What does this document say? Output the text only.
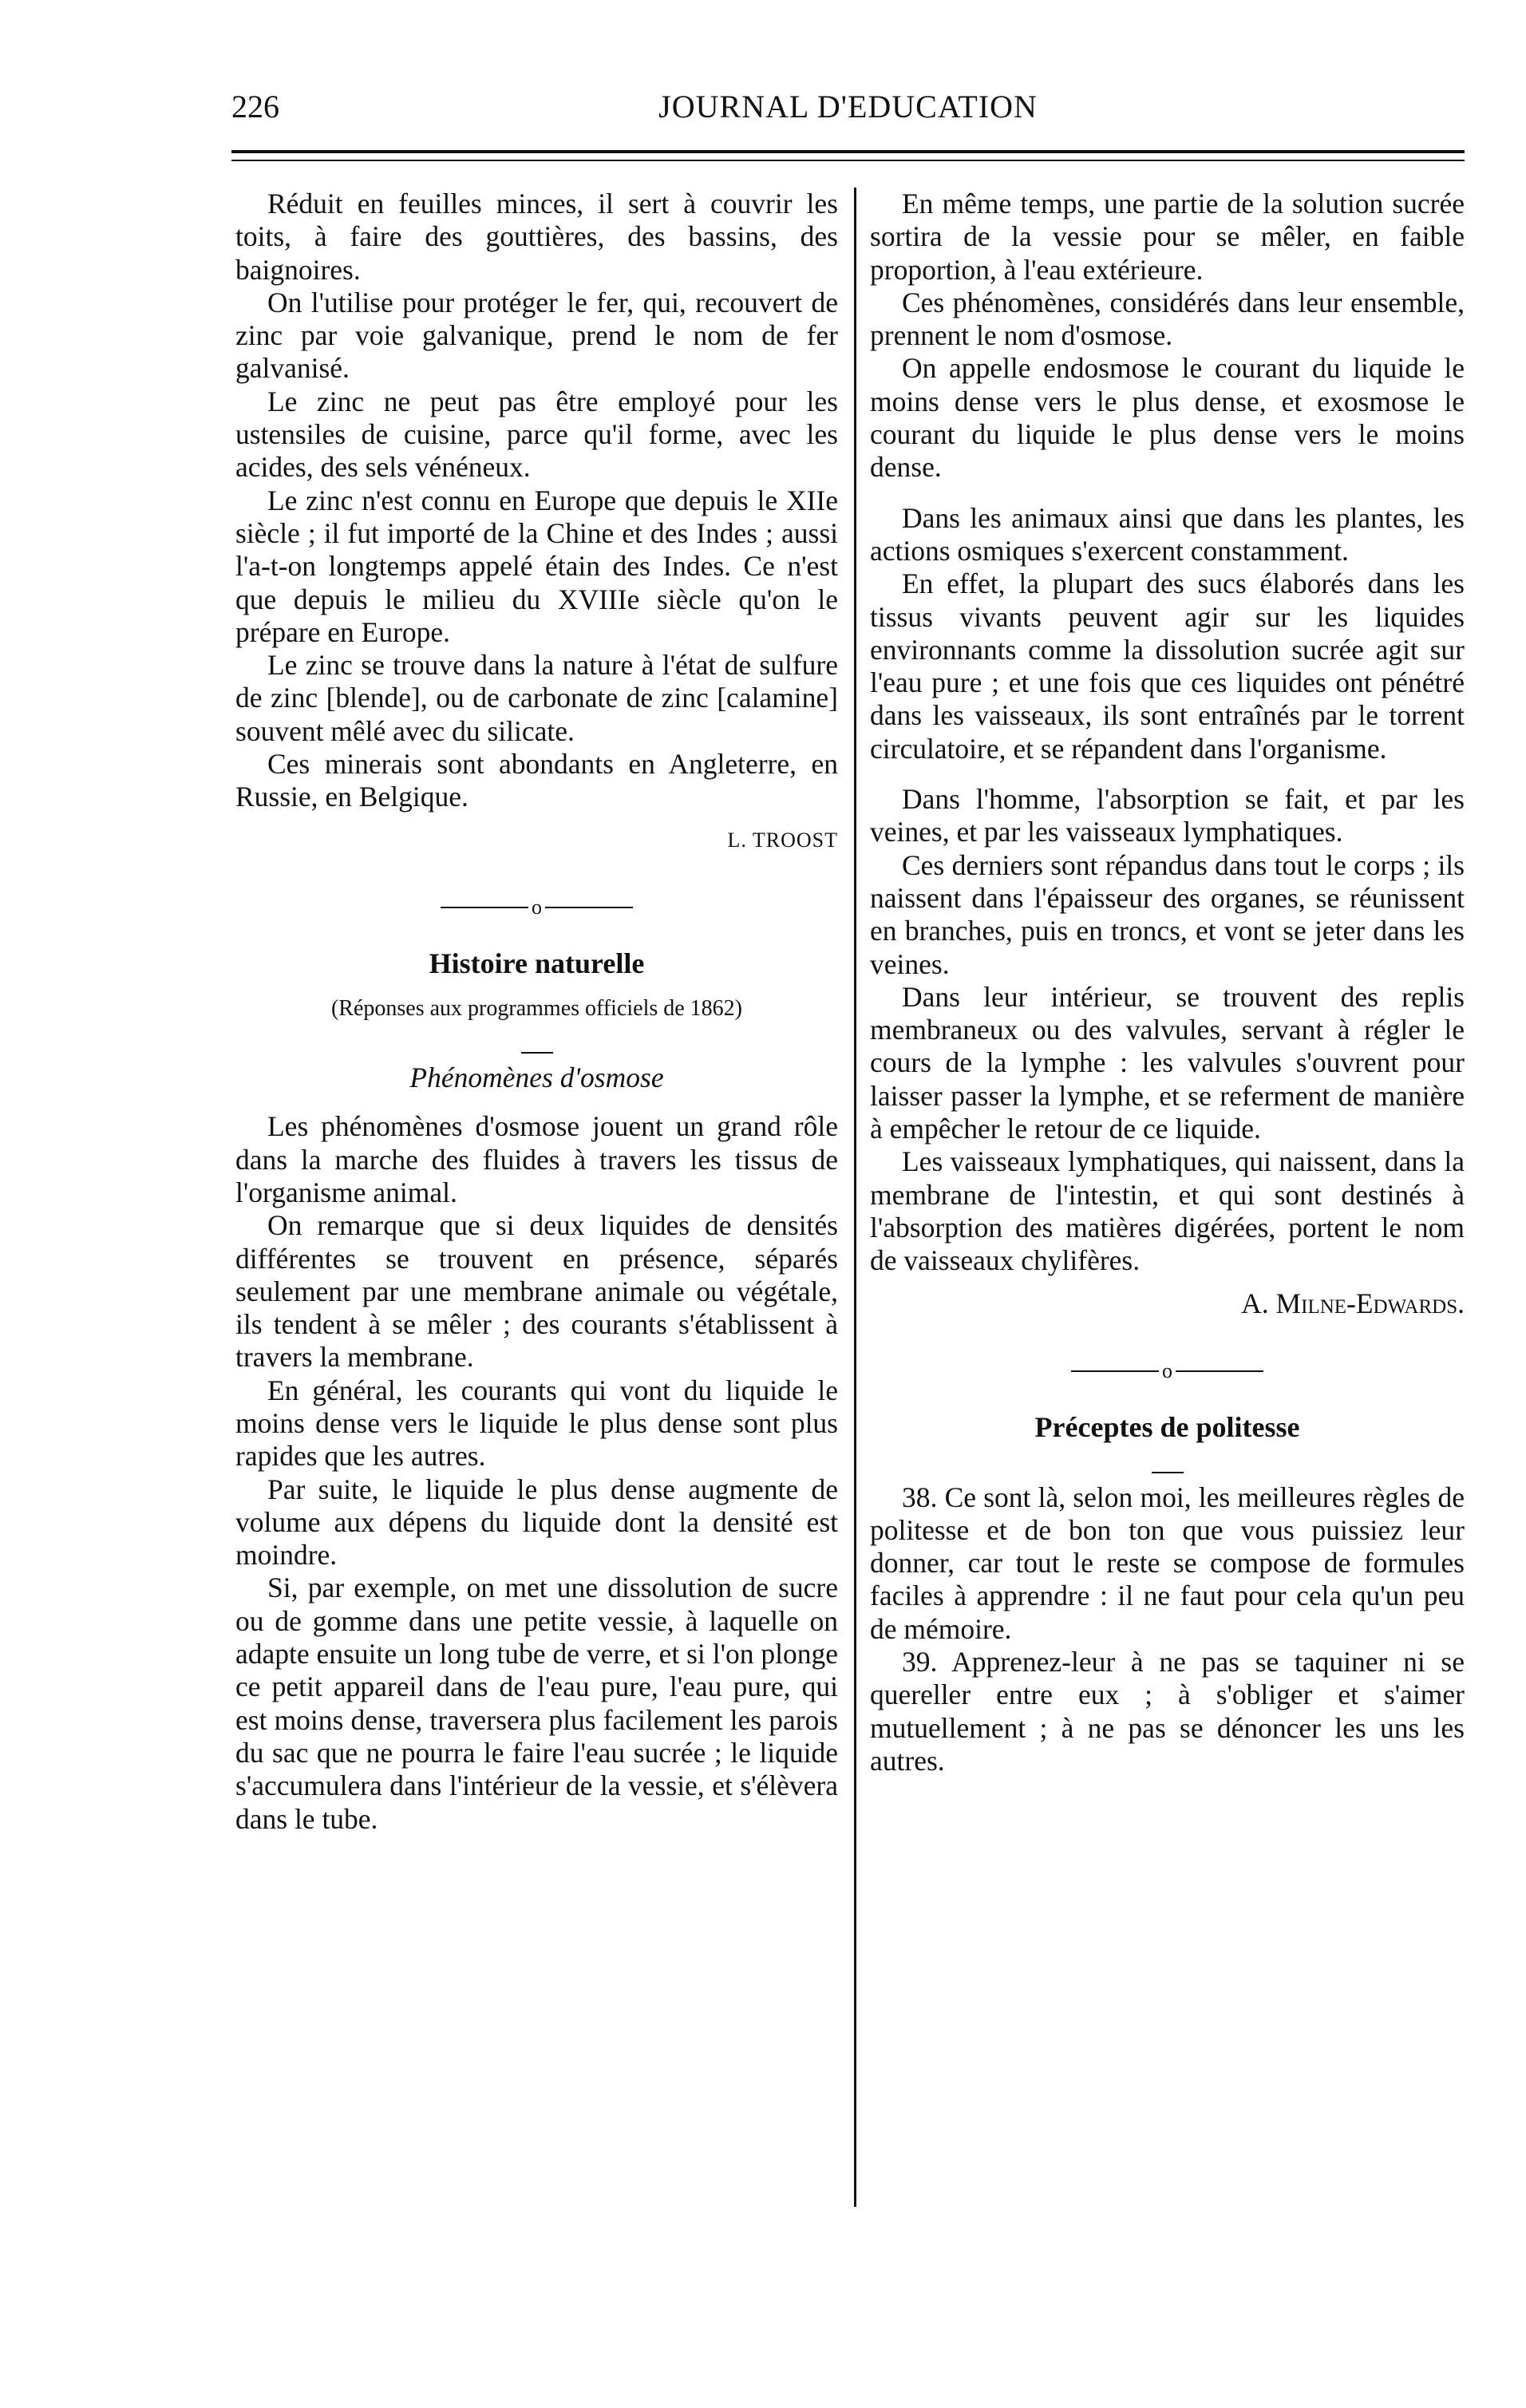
226	JOURNAL D'EDUCATION

Réduit en feuilles minces, il sert à couvrir les toits, à faire des gouttières, des bassins, des baignoires.

On l'utilise pour protéger le fer, qui, recouvert de zinc par voie galvanique, prend le nom de fer galvanisé.

Le zinc ne peut pas être employé pour les ustensiles de cuisine, parce qu'il forme, avec les acides, des sels vénéneux.

Le zinc n'est connu en Europe que depuis le XIIe siècle ; il fut importé de la Chine et des Indes ; aussi l'a-t-on longtemps appelé étain des Indes. Ce n'est que depuis le milieu du XVIIIe siècle qu'on le prépare en Europe.

Le zinc se trouve dans la nature à l'état de sulfure de zinc [blende], ou de carbonate de zinc [calamine] souvent mêlé avec du silicate.

Ces minerais sont abondants en Angleterre, en Russie, en Belgique.

L. TROOST

o

Histoire naturelle

(Réponses aux programmes officiels de 1862)

Phénomènes d'osmose

Les phénomènes d'osmose jouent un grand rôle dans la marche des fluides à travers les tissus de l'organisme animal.

On remarque que si deux liquides de densités différentes se trouvent en présence, séparés seulement par une membrane animale ou végétale, ils tendent à se mêler ; des courants s'établissent à travers la membrane.

En général, les courants qui vont du liquide le moins dense vers le liquide le plus dense sont plus rapides que les autres.

Par suite, le liquide le plus dense augmente de volume aux dépens du liquide dont la densité est moindre.

Si, par exemple, on met une dissolution de sucre ou de gomme dans une petite vessie, à laquelle on adapte ensuite un long tube de verre, et si l'on plonge ce petit appareil dans de l'eau pure, l'eau pure, qui est moins dense, traversera plus facilement les parois du sac que ne pourra le faire l'eau sucrée ; le liquide s'accumulera dans l'intérieur de la vessie, et s'élèvera dans le tube.

En même temps, une partie de la solution sucrée sortira de la vessie pour se mêler, en faible proportion, à l'eau extérieure.

Ces phénomènes, considérés dans leur ensemble, prennent le nom d'osmose.

On appelle endosmose le courant du liquide le moins dense vers le plus dense, et exosmose le courant du liquide le plus dense vers le moins dense.

Dans les animaux ainsi que dans les plantes, les actions osmiques s'exercent constamment.

En effet, la plupart des sucs élaborés dans les tissus vivants peuvent agir sur les liquides environnants comme la dissolution sucrée agit sur l'eau pure ; et une fois que ces liquides ont pénétré dans les vaisseaux, ils sont entraînés par le torrent circulatoire, et se répandent dans l'organisme.

Dans l'homme, l'absorption se fait, et par les veines, et par les vaisseaux lymphatiques.

Ces derniers sont répandus dans tout le corps ; ils naissent dans l'épaisseur des organes, se réunissent en branches, puis en troncs, et vont se jeter dans les veines.

Dans leur intérieur, se trouvent des replis membraneux ou des valvules, servant à régler le cours de la lymphe : les valvules s'ouvrent pour laisser passer la lymphe, et se referment de manière à empêcher le retour de ce liquide.

Les vaisseaux lymphatiques, qui naissent, dans la membrane de l'intestin, et qui sont destinés à l'absorption des matières digérées, portent le nom de vaisseaux chylifères.

A. Milne-Edwards.

o

Préceptes de politesse

38. Ce sont là, selon moi, les meilleures règles de politesse et de bon ton que vous puissiez leur donner, car tout le reste se compose de formules faciles à apprendre : il ne faut pour cela qu'un peu de mémoire.

39. Apprenez-leur à ne pas se taquiner ni se quereller entre eux ; à s'obliger et s'aimer mutuellement ; à ne pas se dénoncer les uns les autres.
